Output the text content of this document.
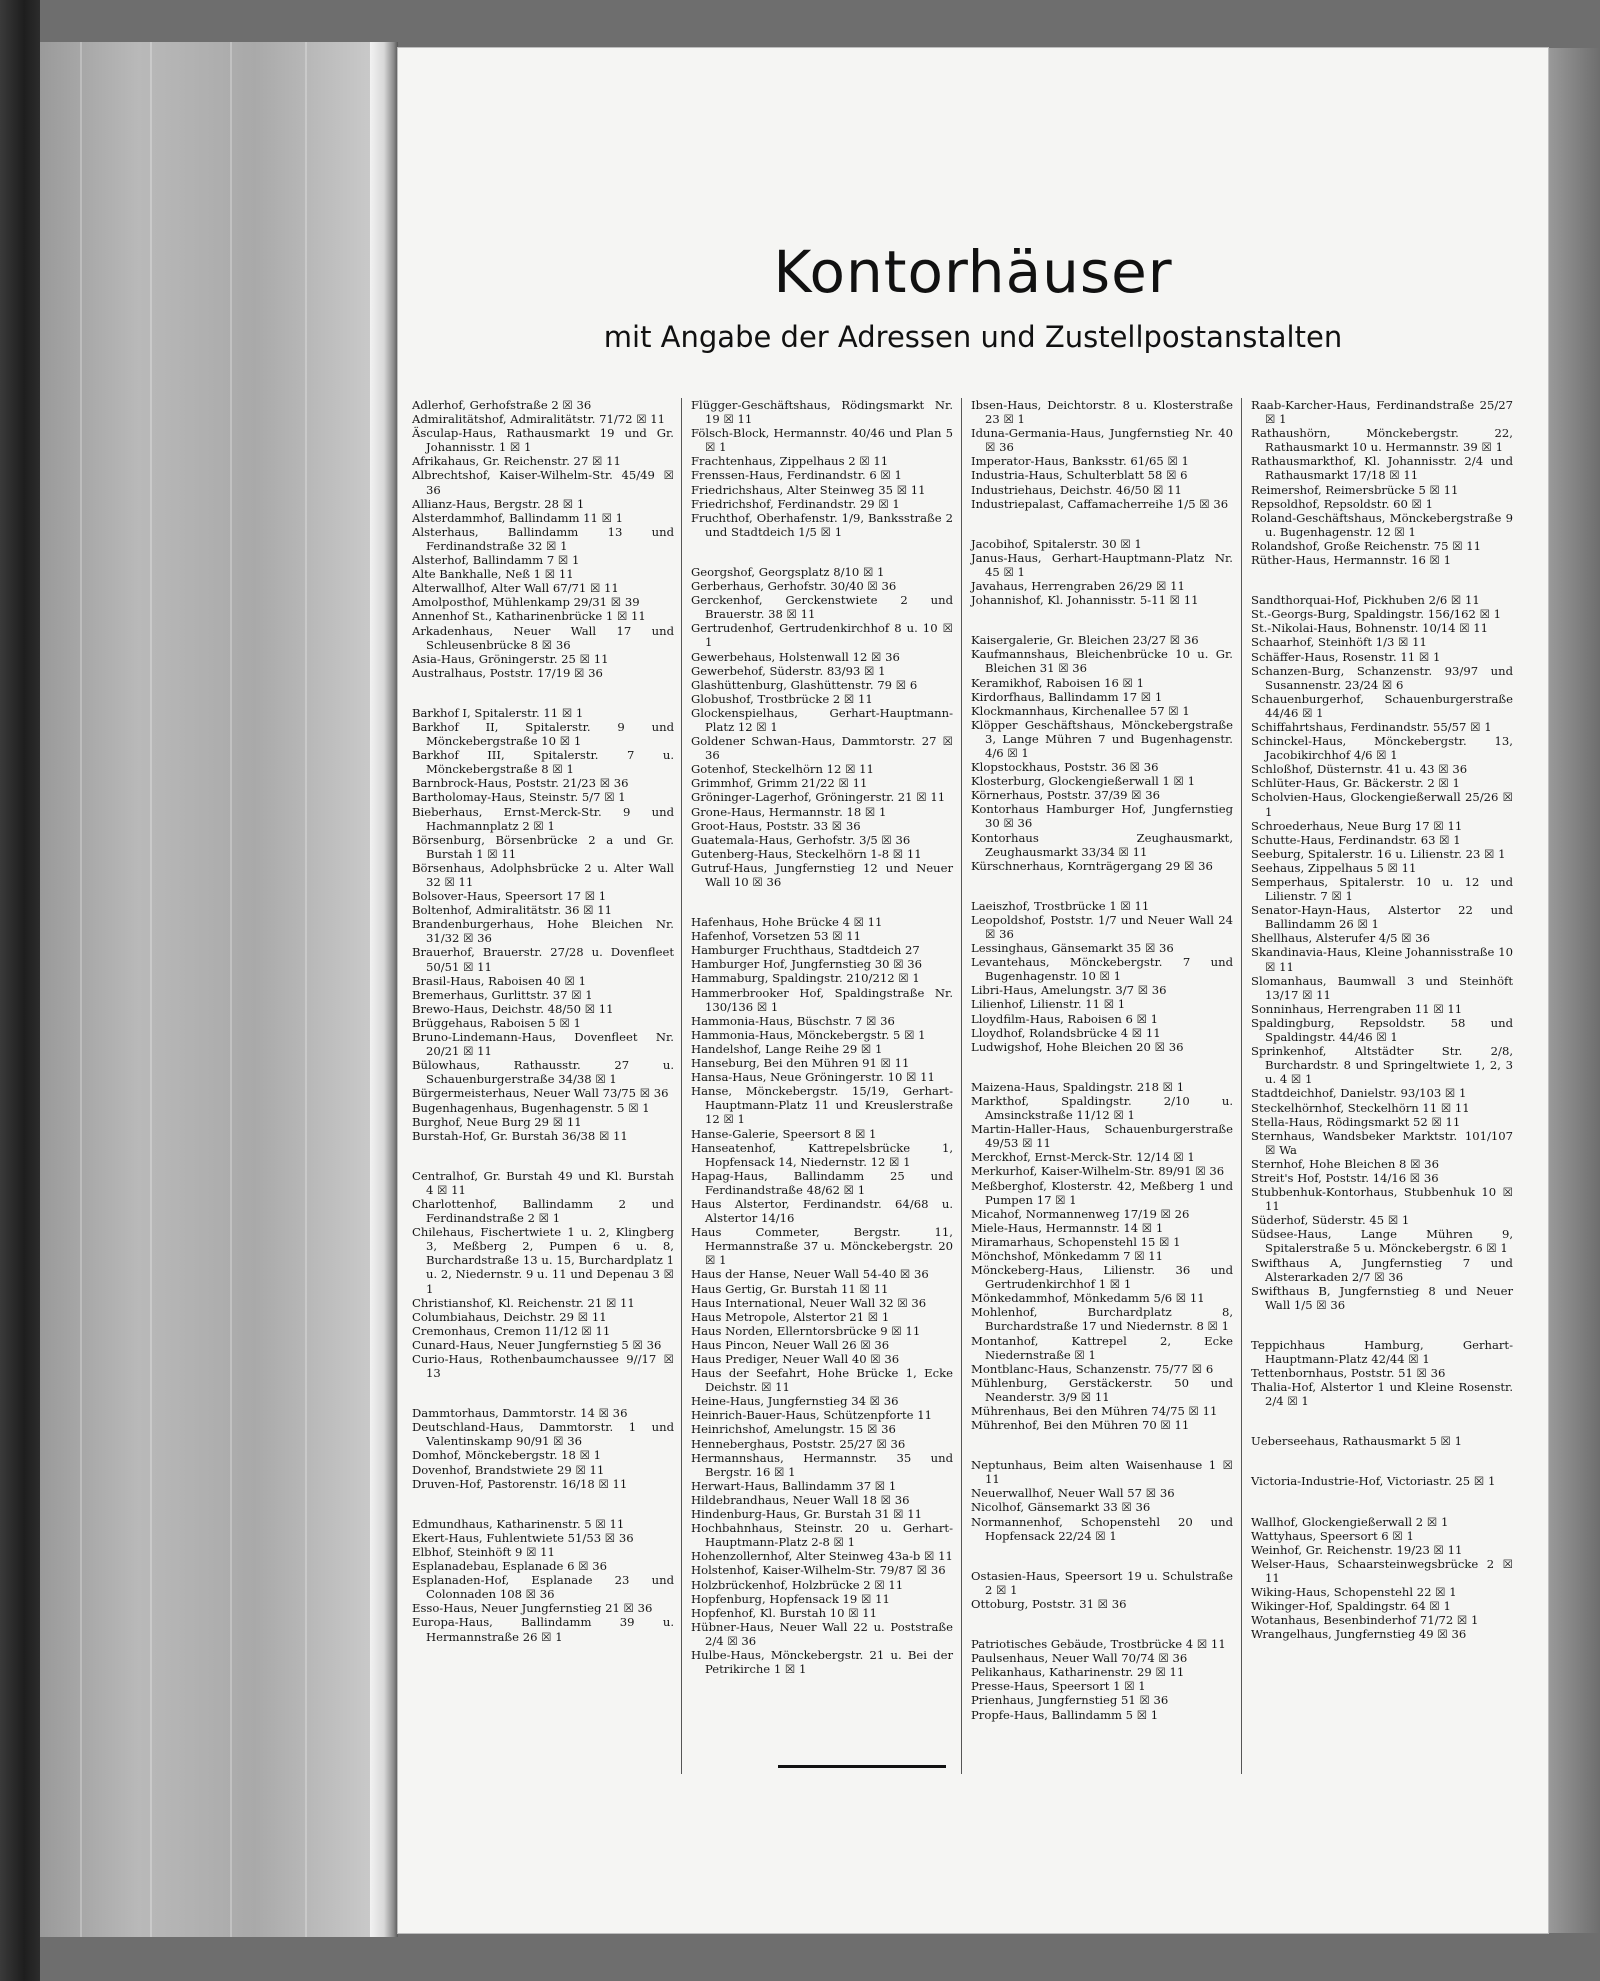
Kontorhäuser
mit Angabe der Adressen und Zustellpostanstalten
Adlerhof, Gerhofstraße 2 ☒ 36
Admiralitätshof, Admiralitätstr. 71/72 ☒ 11
Äsculap-Haus, Rathausmarkt 19 und Gr. Johannisstr. 1 ☒ 1
Afrikahaus, Gr. Reichenstr. 27 ☒ 11
Albrechtshof, Kaiser-Wilhelm-Str. 45/49 ☒ 36
Allianz-Haus, Bergstr. 28 ☒ 1
Alsterdammhof, Ballindamm 11 ☒ 1
Alsterhaus, Ballindamm 13 und Ferdinandstraße 32 ☒ 1
Alsterhof, Ballindamm 7 ☒ 1
Alte Bankhalle, Neß 1 ☒ 11
Alterwallhof, Alter Wall 67/71 ☒ 11
Amolposthof, Mühlenkamp 29/31 ☒ 39
Annenhof St., Katharinenbrücke 1 ☒ 11
Arkadenhaus, Neuer Wall 17 und Schleusenbrücke 8 ☒ 36
Asia-Haus, Gröningerstr. 25 ☒ 11
Australhaus, Poststr. 17/19 ☒ 36
Barkhof I, Spitalerstr. 11 ☒ 1
Barkhof II, Spitalerstr. 9 und Mönckebergstraße 10 ☒ 1
Barkhof III, Spitalerstr. 7 u. Mönckebergstraße 8 ☒ 1
Barnbrock-Haus, Poststr. 21/23 ☒ 36
Bartholomay-Haus, Steinstr. 5/7 ☒ 1
Bieberhaus, Ernst-Merck-Str. 9 und Hachmannplatz 2 ☒ 1
Börsenburg, Börsenbrücke 2 a und Gr. Burstah 1 ☒ 11
Börsenhaus, Adolphsbrücke 2 u. Alter Wall 32 ☒ 11
Bolsover-Haus, Speersort 17 ☒ 1
Boltenhof, Admiralitätstr. 36 ☒ 11
Brandenburgerhaus, Hohe Bleichen Nr. 31/32 ☒ 36
Brauerhof, Brauerstr. 27/28 u. Dovenfleet 50/51 ☒ 11
Brasil-Haus, Raboisen 40 ☒ 1
Bremerhaus, Gurlittstr. 37 ☒ 1
Brewo-Haus, Deichstr. 48/50 ☒ 11
Brüggehaus, Raboisen 5 ☒ 1
Bruno-Lindemann-Haus, Dovenfleet Nr. 20/21 ☒ 11
Bülowhaus, Rathausstr. 27 u. Schauenburgerstraße 34/38 ☒ 1
Bürgermeisterhaus, Neuer Wall 73/75 ☒ 36
Bugenhagenhaus, Bugenhagenstr. 5 ☒ 1
Burghof, Neue Burg 29 ☒ 11
Burstah-Hof, Gr. Burstah 36/38 ☒ 11
Centralhof, Gr. Burstah 49 und Kl. Burstah 4 ☒ 11
Charlottenhof, Ballindamm 2 und Ferdinandstraße 2 ☒ 1
Chilehaus, Fischertwiete 1 u. 2, Klingberg 3, Meßberg 2, Pumpen 6 u. 8, Burchardstraße 13 u. 15, Burchardplatz 1 u. 2, Niedernstr. 9 u. 11 und Depenau 3 ☒ 1
Christianshof, Kl. Reichenstr. 21 ☒ 11
Columbiahaus, Deichstr. 29 ☒ 11
Cremonhaus, Cremon 11/12 ☒ 11
Cunard-Haus, Neuer Jungfernstieg 5 ☒ 36
Curio-Haus, Rothenbaumchaussee 9//17 ☒ 13
Dammtorhaus, Dammtorstr. 14 ☒ 36
Deutschland-Haus, Dammtorstr. 1 und Valentinskamp 90/91 ☒ 36
Domhof, Mönckebergstr. 18 ☒ 1
Dovenhof, Brandstwiete 29 ☒ 11
Druven-Hof, Pastorenstr. 16/18 ☒ 11
Edmundhaus, Katharinenstr. 5 ☒ 11
Ekert-Haus, Fuhlentwiete 51/53 ☒ 36
Elbhof, Steinhöft 9 ☒ 11
Esplanadebau, Esplanade 6 ☒ 36
Esplanaden-Hof, Esplanade 23 und Colonnaden 108 ☒ 36
Esso-Haus, Neuer Jungfernstieg 21 ☒ 36
Europa-Haus, Ballindamm 39 u. Hermannstraße 26 ☒ 1
Flügger-Geschäftshaus, Rödingsmarkt Nr. 19 ☒ 11
Fölsch-Block, Hermannstr. 40/46 und Plan 5 ☒ 1
Frachtenhaus, Zippelhaus 2 ☒ 11
Frenssen-Haus, Ferdinandstr. 6 ☒ 1
Friedrichshaus, Alter Steinweg 35 ☒ 11
Friedrichshof, Ferdinandstr. 29 ☒ 1
Fruchthof, Oberhafenstr. 1/9, Banksstraße 2 und Stadtdeich 1/5 ☒ 1
Georgshof, Georgsplatz 8/10 ☒ 1
Gerberhaus, Gerhofstr. 30/40 ☒ 36
Gerckenhof, Gerckenstwiete 2 und Brauerstr. 38 ☒ 11
Gertrudenhof, Gertrudenkirchhof 8 u. 10 ☒ 1
Gewerbehaus, Holstenwall 12 ☒ 36
Gewerbehof, Süderstr. 83/93 ☒ 1
Glashüttenburg, Glashüttenstr. 79 ☒ 6
Globushof, Trostbrücke 2 ☒ 11
Glockenspielhaus, Gerhart-Hauptmann-Platz 12 ☒ 1
Goldener Schwan-Haus, Dammtorstr. 27 ☒ 36
Gotenhof, Steckelhörn 12 ☒ 11
Grimmhof, Grimm 21/22 ☒ 11
Gröninger-Lagerhof, Gröningerstr. 21 ☒ 11
Grone-Haus, Hermannstr. 18 ☒ 1
Groot-Haus, Poststr. 33 ☒ 36
Guatemala-Haus, Gerhofstr. 3/5 ☒ 36
Gutenberg-Haus, Steckelhörn 1-8 ☒ 11
Gutruf-Haus, Jungfernstieg 12 und Neuer Wall 10 ☒ 36
Hafenhaus, Hohe Brücke 4 ☒ 11
Hafenhof, Vorsetzen 53 ☒ 11
Hamburger Fruchthaus, Stadtdeich 27
Hamburger Hof, Jungfernstieg 30 ☒ 36
Hammaburg, Spaldingstr. 210/212 ☒ 1
Hammerbrooker Hof, Spaldingstraße Nr. 130/136 ☒ 1
Hammonia-Haus, Büschstr. 7 ☒ 36
Hammonia-Haus, Mönckebergstr. 5 ☒ 1
Handelshof, Lange Reihe 29 ☒ 1
Hanseburg, Bei den Mühren 91 ☒ 11
Hansa-Haus, Neue Gröningerstr. 10 ☒ 11
Hanse, Mönckebergstr. 15/19, Gerhart-Hauptmann-Platz 11 und Kreuslerstraße 12 ☒ 1
Hanse-Galerie, Speersort 8 ☒ 1
Hanseatenhof, Kattrepelsbrücke 1, Hopfensack 14, Niedernstr. 12 ☒ 1
Hapag-Haus, Ballindamm 25 und Ferdinandstraße 48/62 ☒ 1
Haus Alstertor, Ferdinandstr. 64/68 u. Alstertor 14/16
Haus Commeter, Bergstr. 11, Hermannstraße 37 u. Mönckebergstr. 20 ☒ 1
Haus der Hanse, Neuer Wall 54-40 ☒ 36
Haus Gertig, Gr. Burstah 11 ☒ 11
Haus International, Neuer Wall 32 ☒ 36
Haus Metropole, Alstertor 21 ☒ 1
Haus Norden, Ellerntorsbrücke 9 ☒ 11
Haus Pincon, Neuer Wall 26 ☒ 36
Haus Prediger, Neuer Wall 40 ☒ 36
Haus der Seefahrt, Hohe Brücke 1, Ecke Deichstr. ☒ 11
Heine-Haus, Jungfernstieg 34 ☒ 36
Heinrich-Bauer-Haus, Schützenpforte 11
Heinrichshof, Amelungstr. 15 ☒ 36
Henneberghaus, Poststr. 25/27 ☒ 36
Hermannshaus, Hermannstr. 35 und Bergstr. 16 ☒ 1
Herwart-Haus, Ballindamm 37 ☒ 1
Hildebrandhaus, Neuer Wall 18 ☒ 36
Hindenburg-Haus, Gr. Burstah 31 ☒ 11
Hochbahnhaus, Steinstr. 20 u. Gerhart-Hauptmann-Platz 2-8 ☒ 1
Hohenzollernhof, Alter Steinweg 43a-b ☒ 11
Holstenhof, Kaiser-Wilhelm-Str. 79/87 ☒ 36
Holzbrückenhof, Holzbrücke 2 ☒ 11
Hopfenburg, Hopfensack 19 ☒ 11
Hopfenhof, Kl. Burstah 10 ☒ 11
Hübner-Haus, Neuer Wall 22 u. Poststraße 2/4 ☒ 36
Hulbe-Haus, Mönckebergstr. 21 u. Bei der Petrikirche 1 ☒ 1
Ibsen-Haus, Deichtorstr. 8 u. Klosterstraße 23 ☒ 1
Iduna-Germania-Haus, Jungfernstieg Nr. 40 ☒ 36
Imperator-Haus, Banksstr. 61/65 ☒ 1
Industria-Haus, Schulterblatt 58 ☒ 6
Industriehaus, Deichstr. 46/50 ☒ 11
Industriepalast, Caffamacherreihe 1/5 ☒ 36
Jacobihof, Spitalerstr. 30 ☒ 1
Janus-Haus, Gerhart-Hauptmann-Platz Nr. 45 ☒ 1
Javahaus, Herrengraben 26/29 ☒ 11
Johannishof, Kl. Johannisstr. 5-11 ☒ 11
Kaisergalerie, Gr. Bleichen 23/27 ☒ 36
Kaufmannshaus, Bleichenbrücke 10 u. Gr. Bleichen 31 ☒ 36
Keramikhof, Raboisen 16 ☒ 1
Kirdorfhaus, Ballindamm 17 ☒ 1
Klockmannhaus, Kirchenallee 57 ☒ 1
Klöpper Geschäftshaus, Mönckebergstraße 3, Lange Mühren 7 und Bugenhagenstr. 4/6 ☒ 1
Klopstockhaus, Poststr. 36 ☒ 36
Klosterburg, Glockengießerwall 1 ☒ 1
Körnerhaus, Poststr. 37/39 ☒ 36
Kontorhaus Hamburger Hof, Jungfernstieg 30 ☒ 36
Kontorhaus Zeughausmarkt, Zeughausmarkt 33/34 ☒ 11
Kürschnerhaus, Kornträgergang 29 ☒ 36
Laeiszhof, Trostbrücke 1 ☒ 11
Leopoldshof, Poststr. 1/7 und Neuer Wall 24 ☒ 36
Lessinghaus, Gänsemarkt 35 ☒ 36
Levantehaus, Mönckebergstr. 7 und Bugenhagenstr. 10 ☒ 1
Libri-Haus, Amelungstr. 3/7 ☒ 36
Lilienhof, Lilienstr. 11 ☒ 1
Lloydfilm-Haus, Raboisen 6 ☒ 1
Lloydhof, Rolandsbrücke 4 ☒ 11
Ludwigshof, Hohe Bleichen 20 ☒ 36
Maizena-Haus, Spaldingstr. 218 ☒ 1
Markthof, Spaldingstr. 2/10 u. Amsinckstraße 11/12 ☒ 1
Martin-Haller-Haus, Schauenburgerstraße 49/53 ☒ 11
Merckhof, Ernst-Merck-Str. 12/14 ☒ 1
Merkurhof, Kaiser-Wilhelm-Str. 89/91 ☒ 36
Meßberghof, Klosterstr. 42, Meßberg 1 und Pumpen 17 ☒ 1
Micahof, Normannenweg 17/19 ☒ 26
Miele-Haus, Hermannstr. 14 ☒ 1
Miramarhaus, Schopenstehl 15 ☒ 1
Mönchshof, Mönkedamm 7 ☒ 11
Mönckeberg-Haus, Lilienstr. 36 und Gertrudenkirchhof 1 ☒ 1
Mönkedammhof, Mönkedamm 5/6 ☒ 11
Mohlenhof, Burchardplatz 8, Burchardstraße 17 und Niedernstr. 8 ☒ 1
Montanhof, Kattrepel 2, Ecke Niedernstraße ☒ 1
Montblanc-Haus, Schanzenstr. 75/77 ☒ 6
Mühlenburg, Gerstäckerstr. 50 und Neanderstr. 3/9 ☒ 11
Mührenhaus, Bei den Mühren 74/75 ☒ 11
Mührenhof, Bei den Mühren 70 ☒ 11
Neptunhaus, Beim alten Waisenhause 1 ☒ 11
Neuerwallhof, Neuer Wall 57 ☒ 36
Nicolhof, Gänsemarkt 33 ☒ 36
Normannenhof, Schopenstehl 20 und Hopfensack 22/24 ☒ 1
Ostasien-Haus, Speersort 19 u. Schulstraße 2 ☒ 1
Ottoburg, Poststr. 31 ☒ 36
Patriotisches Gebäude, Trostbrücke 4 ☒ 11
Paulsenhaus, Neuer Wall 70/74 ☒ 36
Pelikanhaus, Katharinenstr. 29 ☒ 11
Presse-Haus, Speersort 1 ☒ 1
Prienhaus, Jungfernstieg 51 ☒ 36
Propfe-Haus, Ballindamm 5 ☒ 1
Raab-Karcher-Haus, Ferdinandstraße 25/27 ☒ 1
Rathaushörn, Mönckebergstr. 22, Rathausmarkt 10 u. Hermannstr. 39 ☒ 1
Rathausmarkthof, Kl. Johannisstr. 2/4 und Rathausmarkt 17/18 ☒ 11
Reimershof, Reimersbrücke 5 ☒ 11
Repsoldhof, Repsoldstr. 60 ☒ 1
Roland-Geschäftshaus, Mönckebergstraße 9 u. Bugenhagenstr. 12 ☒ 1
Rolandshof, Große Reichenstr. 75 ☒ 11
Rüther-Haus, Hermannstr. 16 ☒ 1
Sandthorquai-Hof, Pickhuben 2/6 ☒ 11
St.-Georgs-Burg, Spaldingstr. 156/162 ☒ 1
St.-Nikolai-Haus, Bohnenstr. 10/14 ☒ 11
Schaarhof, Steinhöft 1/3 ☒ 11
Schäffer-Haus, Rosenstr. 11 ☒ 1
Schanzen-Burg, Schanzenstr. 93/97 und Susannenstr. 23/24 ☒ 6
Schauenburgerhof, Schauenburgerstraße 44/46 ☒ 1
Schiffahrtshaus, Ferdinandstr. 55/57 ☒ 1
Schinckel-Haus, Mönckebergstr. 13, Jacobikirchhof 4/6 ☒ 1
Schloßhof, Düsternstr. 41 u. 43 ☒ 36
Schlüter-Haus, Gr. Bäckerstr. 2 ☒ 1
Scholvien-Haus, Glockengießerwall 25/26 ☒ 1
Schroederhaus, Neue Burg 17 ☒ 11
Schutte-Haus, Ferdinandstr. 63 ☒ 1
Seeburg, Spitalerstr. 16 u. Lilienstr. 23 ☒ 1
Seehaus, Zippelhaus 5 ☒ 11
Semperhaus, Spitalerstr. 10 u. 12 und Lilienstr. 7 ☒ 1
Senator-Hayn-Haus, Alstertor 22 und Ballindamm 26 ☒ 1
Shellhaus, Alsterufer 4/5 ☒ 36
Skandinavia-Haus, Kleine Johannisstraße 10 ☒ 11
Slomanhaus, Baumwall 3 und Steinhöft 13/17 ☒ 11
Sonninhaus, Herrengraben 11 ☒ 11
Spaldingburg, Repsoldstr. 58 und Spaldingstr. 44/46 ☒ 1
Sprinkenhof, Altstädter Str. 2/8, Burchardstr. 8 und Springeltwiete 1, 2, 3 u. 4 ☒ 1
Stadtdeichhof, Danielstr. 93/103 ☒ 1
Steckelhörnhof, Steckelhörn 11 ☒ 11
Stella-Haus, Rödingsmarkt 52 ☒ 11
Sternhaus, Wandsbeker Marktstr. 101/107 ☒ Wa
Sternhof, Hohe Bleichen 8 ☒ 36
Streit's Hof, Poststr. 14/16 ☒ 36
Stubbenhuk-Kontorhaus, Stubbenhuk 10 ☒ 11
Süderhof, Süderstr. 45 ☒ 1
Südsee-Haus, Lange Mühren 9, Spitalerstraße 5 u. Mönckebergstr. 6 ☒ 1
Swifthaus A, Jungfernstieg 7 und Alsterarkaden 2/7 ☒ 36
Swifthaus B, Jungfernstieg 8 und Neuer Wall 1/5 ☒ 36
Teppichhaus Hamburg, Gerhart-Hauptmann-Platz 42/44 ☒ 1
Tettenbornhaus, Poststr. 51 ☒ 36
Thalia-Hof, Alstertor 1 und Kleine Rosenstr. 2/4 ☒ 1
Ueberseehaus, Rathausmarkt 5 ☒ 1
Victoria-Industrie-Hof, Victoriastr. 25 ☒ 1
Wallhof, Glockengießerwall 2 ☒ 1
Wattyhaus, Speersort 6 ☒ 1
Weinhof, Gr. Reichenstr. 19/23 ☒ 11
Welser-Haus, Schaarsteinwegsbrücke 2 ☒ 11
Wiking-Haus, Schopenstehl 22 ☒ 1
Wikinger-Hof, Spaldingstr. 64 ☒ 1
Wotanhaus, Besenbinderhof 71/72 ☒ 1
Wrangelhaus, Jungfernstieg 49 ☒ 36
